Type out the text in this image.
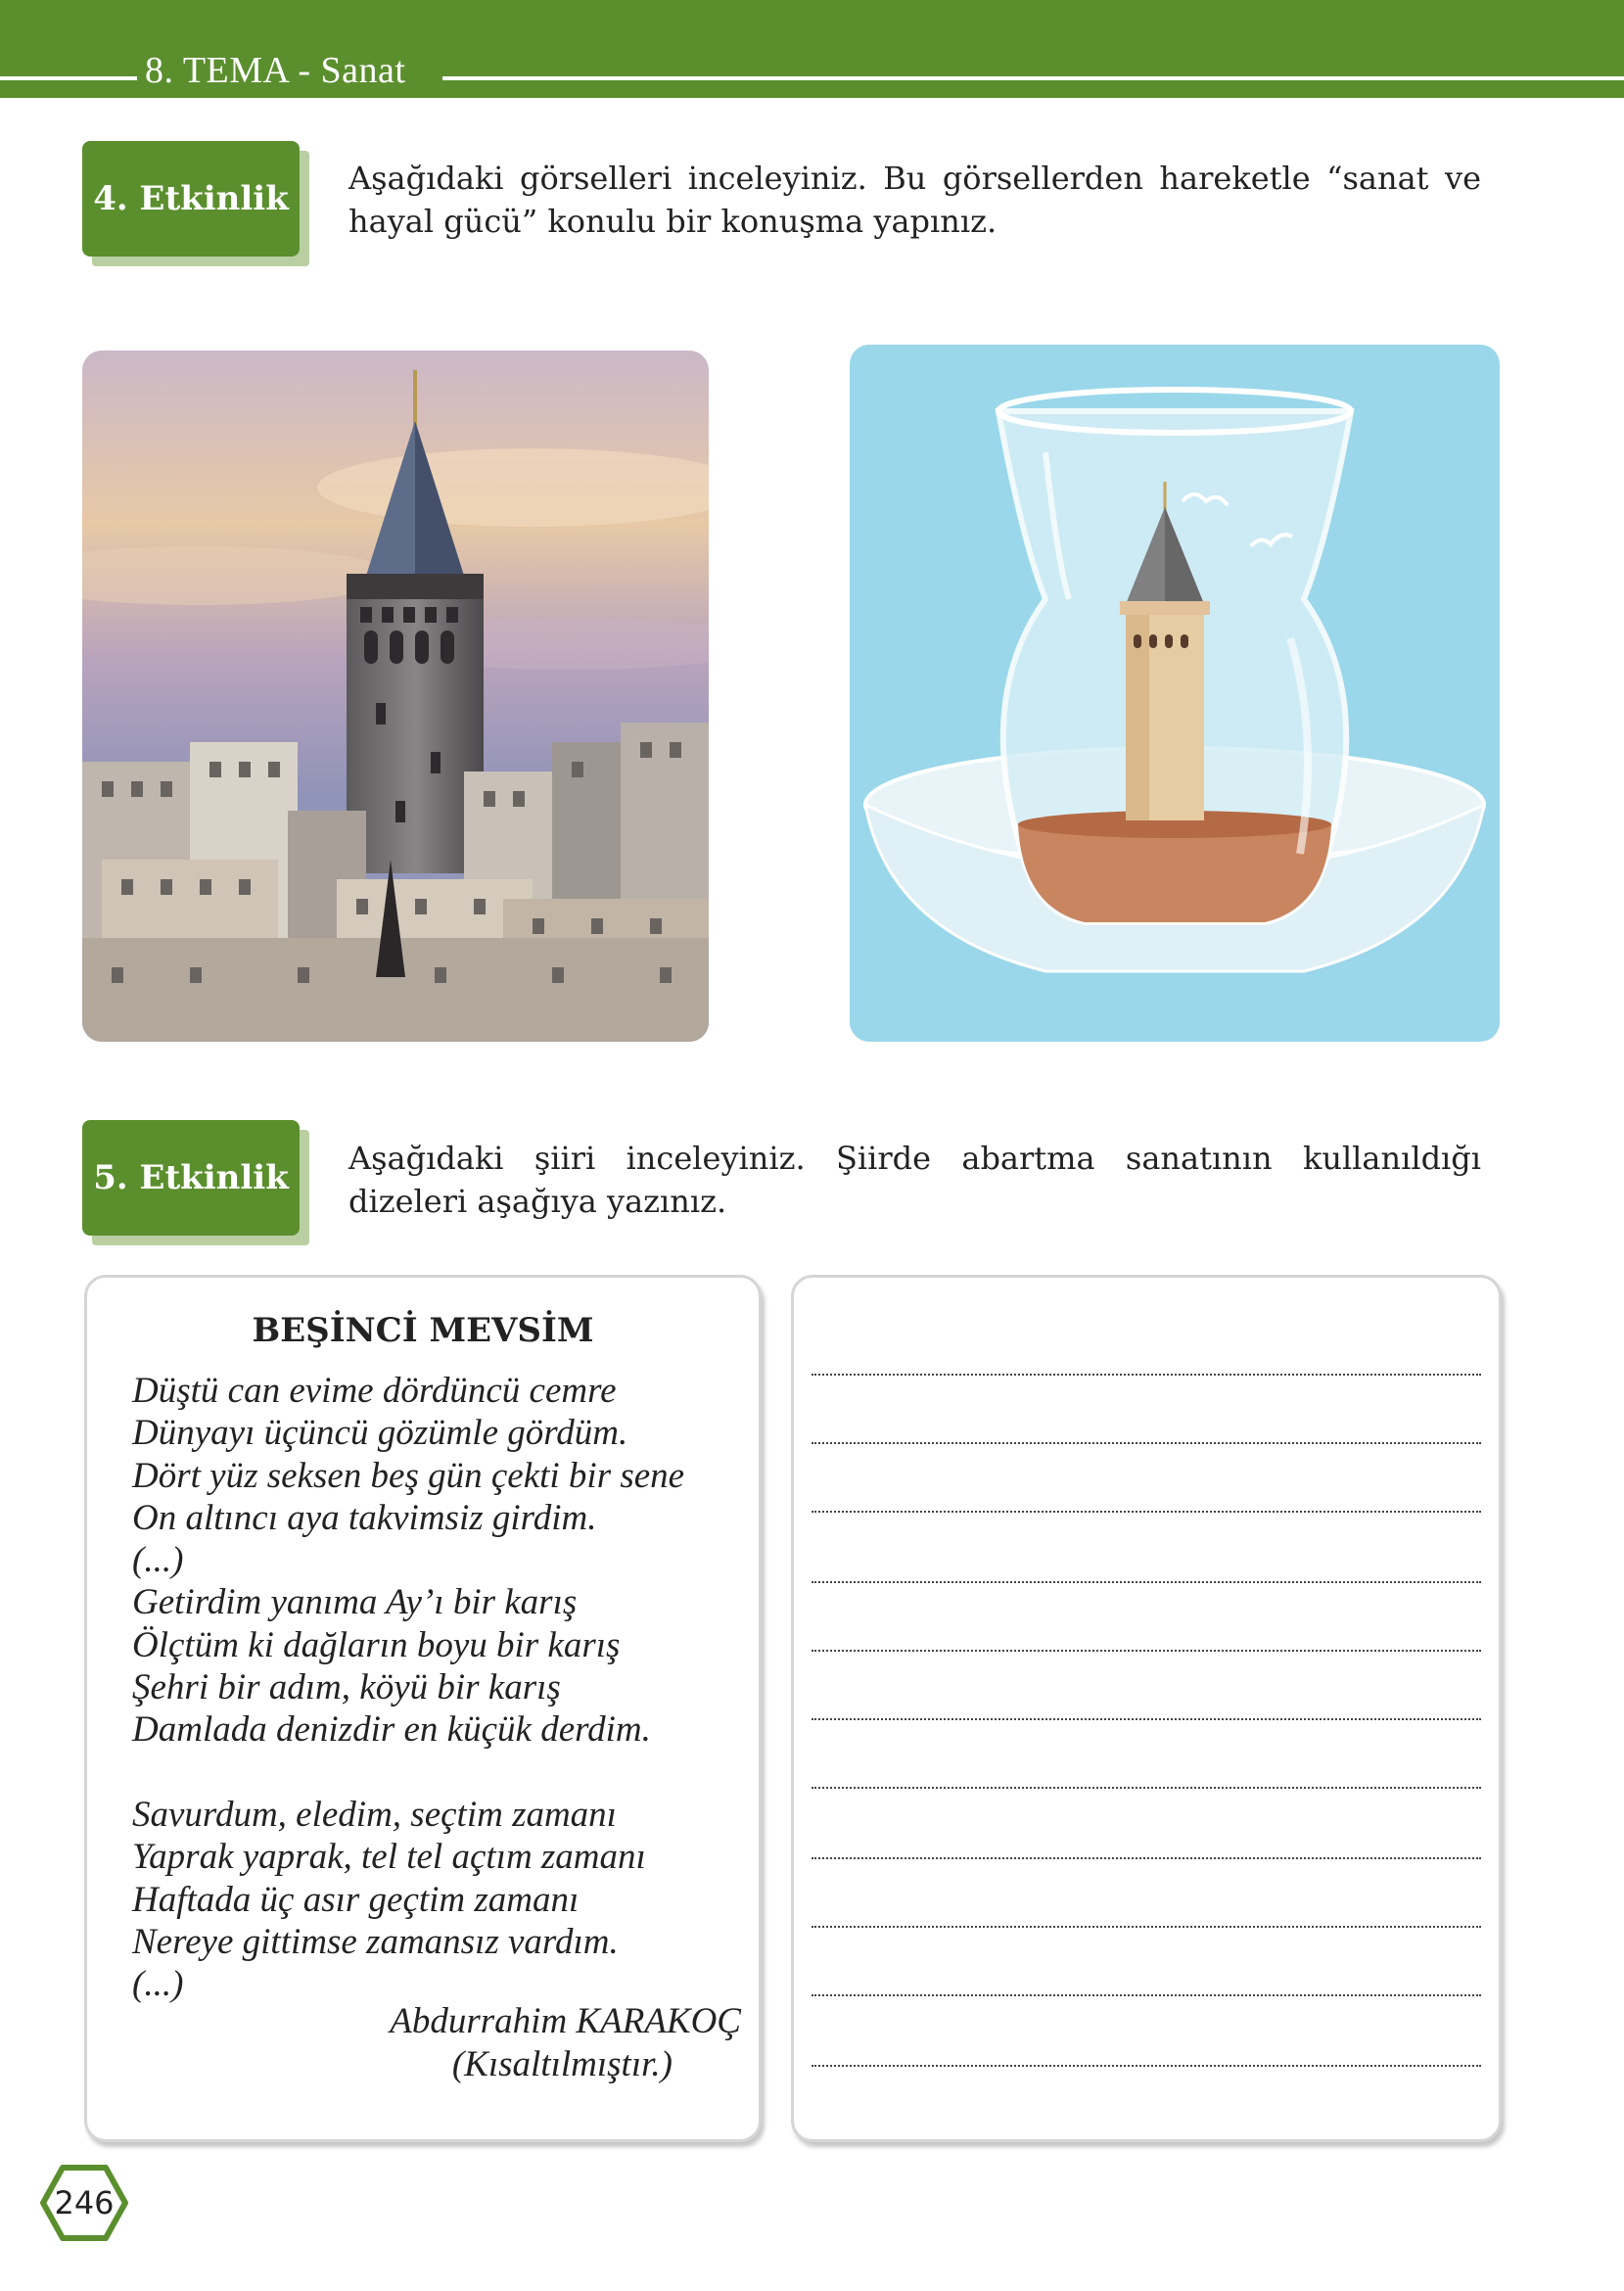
8. TEMA - Sanat
4. Etkinlik
Aşağıdaki görselleri inceleyiniz. Bu görsellerden hareketle “sanat ve hayal gücü” konulu bir konuşma yapınız.
5. Etkinlik	Aşağıdaki şiiri inceleyiniz. Şiirde abartma sanatının kullanıldığı dizeleri aşağıya yazınız.
BEŞİNCİ MEVSİM
Düştü can evime dördüncü cemre
Dünyayı üçüncü gözümle gördüm.
Dört yüz seksen beş gün çekti bir sene
On altıncı aya takvimsiz girdim.
(...)
Getirdim yanıma Ay’ı bir karış
Ölçtüm ki dağların boyu bir karış
Şehri bir adım, köyü bir karış
Damlada denizdir en küçük derdim.
Savurdum, eledim, seçtim zamanı
Yaprak yaprak, tel tel açtım zamanı
Haftada üç asır geçtim zamanı
Nereye gittimse zamansız vardım.
(...)
Abdurrahim KARAKOÇ
(Kısaltılmıştır.)
246
